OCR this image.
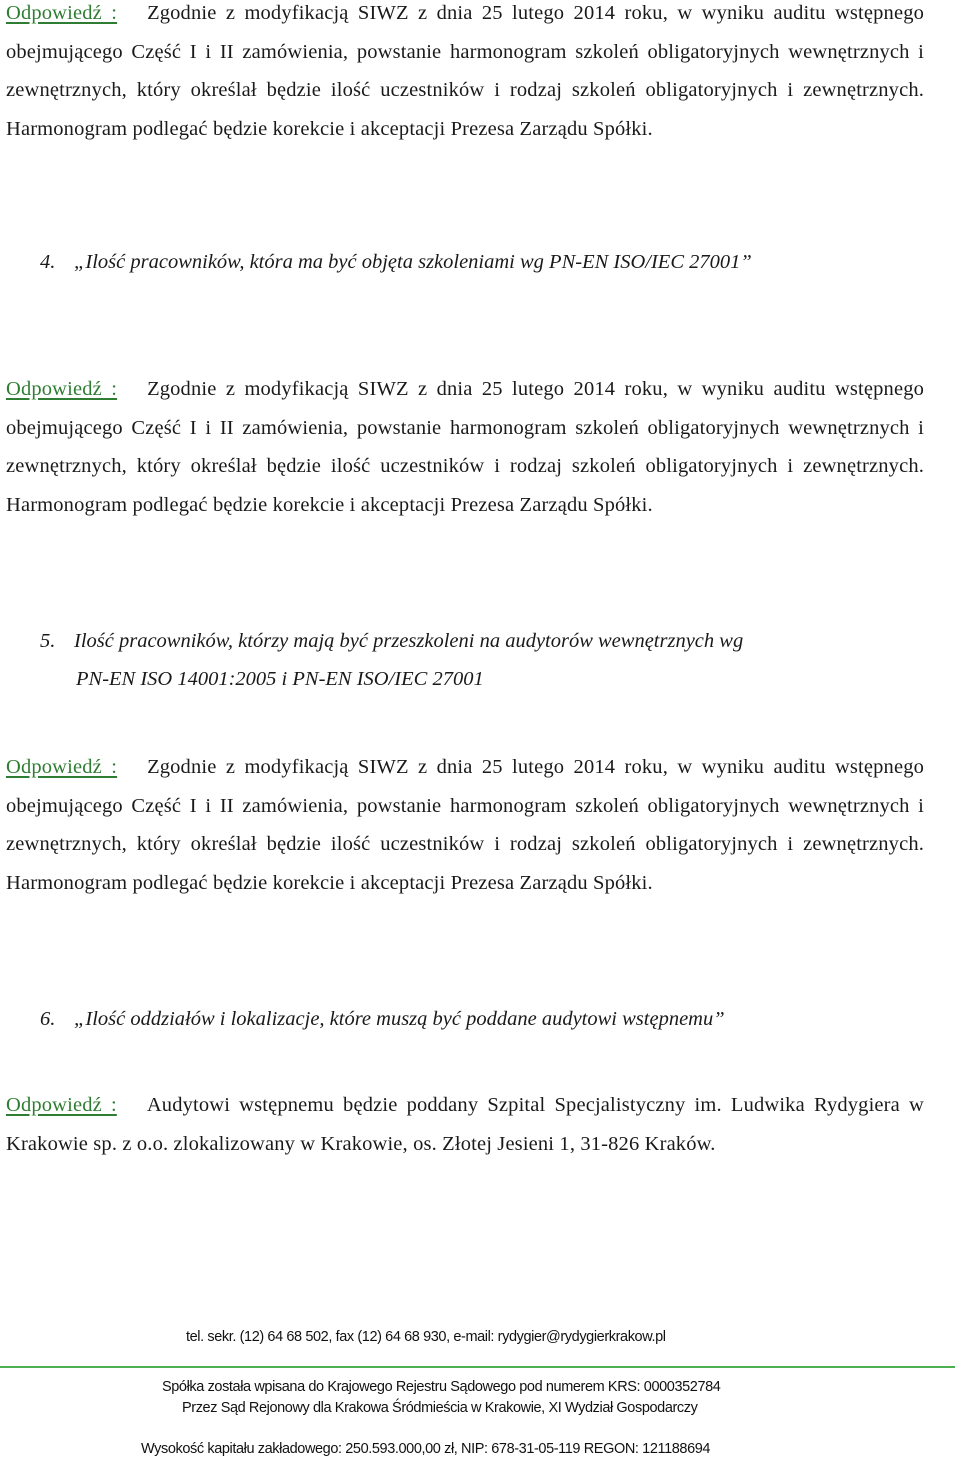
Odpowiedź : Zgodnie z modyfikacją SIWZ z dnia 25 lutego 2014 roku, w wyniku auditu wstępnego obejmującego Część I i II zamówienia, powstanie harmonogram szkoleń obligatoryjnych wewnętrznych i zewnętrznych, który określał będzie ilość uczestników i rodzaj szkoleń obligatoryjnych i zewnętrznych. Harmonogram podlegać będzie korekcie i akceptacji Prezesa Zarządu Spółki.
4. „Ilość pracowników, która ma być objęta szkoleniami wg PN-EN ISO/IEC 27001”
Odpowiedź : Zgodnie z modyfikacją SIWZ z dnia 25 lutego 2014 roku, w wyniku auditu wstępnego obejmującego Część I i II zamówienia, powstanie harmonogram szkoleń obligatoryjnych wewnętrznych i zewnętrznych, który określał będzie ilość uczestników i rodzaj szkoleń obligatoryjnych i zewnętrznych. Harmonogram podlegać będzie korekcie i akceptacji Prezesa Zarządu Spółki.
5. Ilość pracowników, którzy mają być przeszkoleni na audytorów wewnętrznych wg
PN-EN ISO 14001:2005 i PN-EN ISO/IEC 27001
Odpowiedź : Zgodnie z modyfikacją SIWZ z dnia 25 lutego 2014 roku, w wyniku auditu wstępnego obejmującego Część I i II zamówienia, powstanie harmonogram szkoleń obligatoryjnych wewnętrznych i zewnętrznych, który określał będzie ilość uczestników i rodzaj szkoleń obligatoryjnych i zewnętrznych. Harmonogram podlegać będzie korekcie i akceptacji Prezesa Zarządu Spółki.
6. „Ilość oddziałów i lokalizacje, które muszą być poddane audytowi wstępnemu”
Odpowiedź : Audytowi wstępnemu będzie poddany Szpital Specjalistyczny im. Ludwika Rydygiera w Krakowie sp. z o.o. zlokalizowany w Krakowie, os. Złotej Jesieni 1, 31-826 Kraków.
tel. sekr. (12) 64 68 502, fax (12) 64 68 930, e-mail: rydygier@rydygierkrakow.pl
Spółka została wpisana do Krajowego Rejestru Sądowego pod numerem KRS: 0000352784
Przez Sąd Rejonowy dla Krakowa Śródmieścia w Krakowie, XI Wydział Gospodarczy
Wysokość kapitału zakładowego: 250.593.000,00 zł, NIP: 678-31-05-119 REGON: 121188694
